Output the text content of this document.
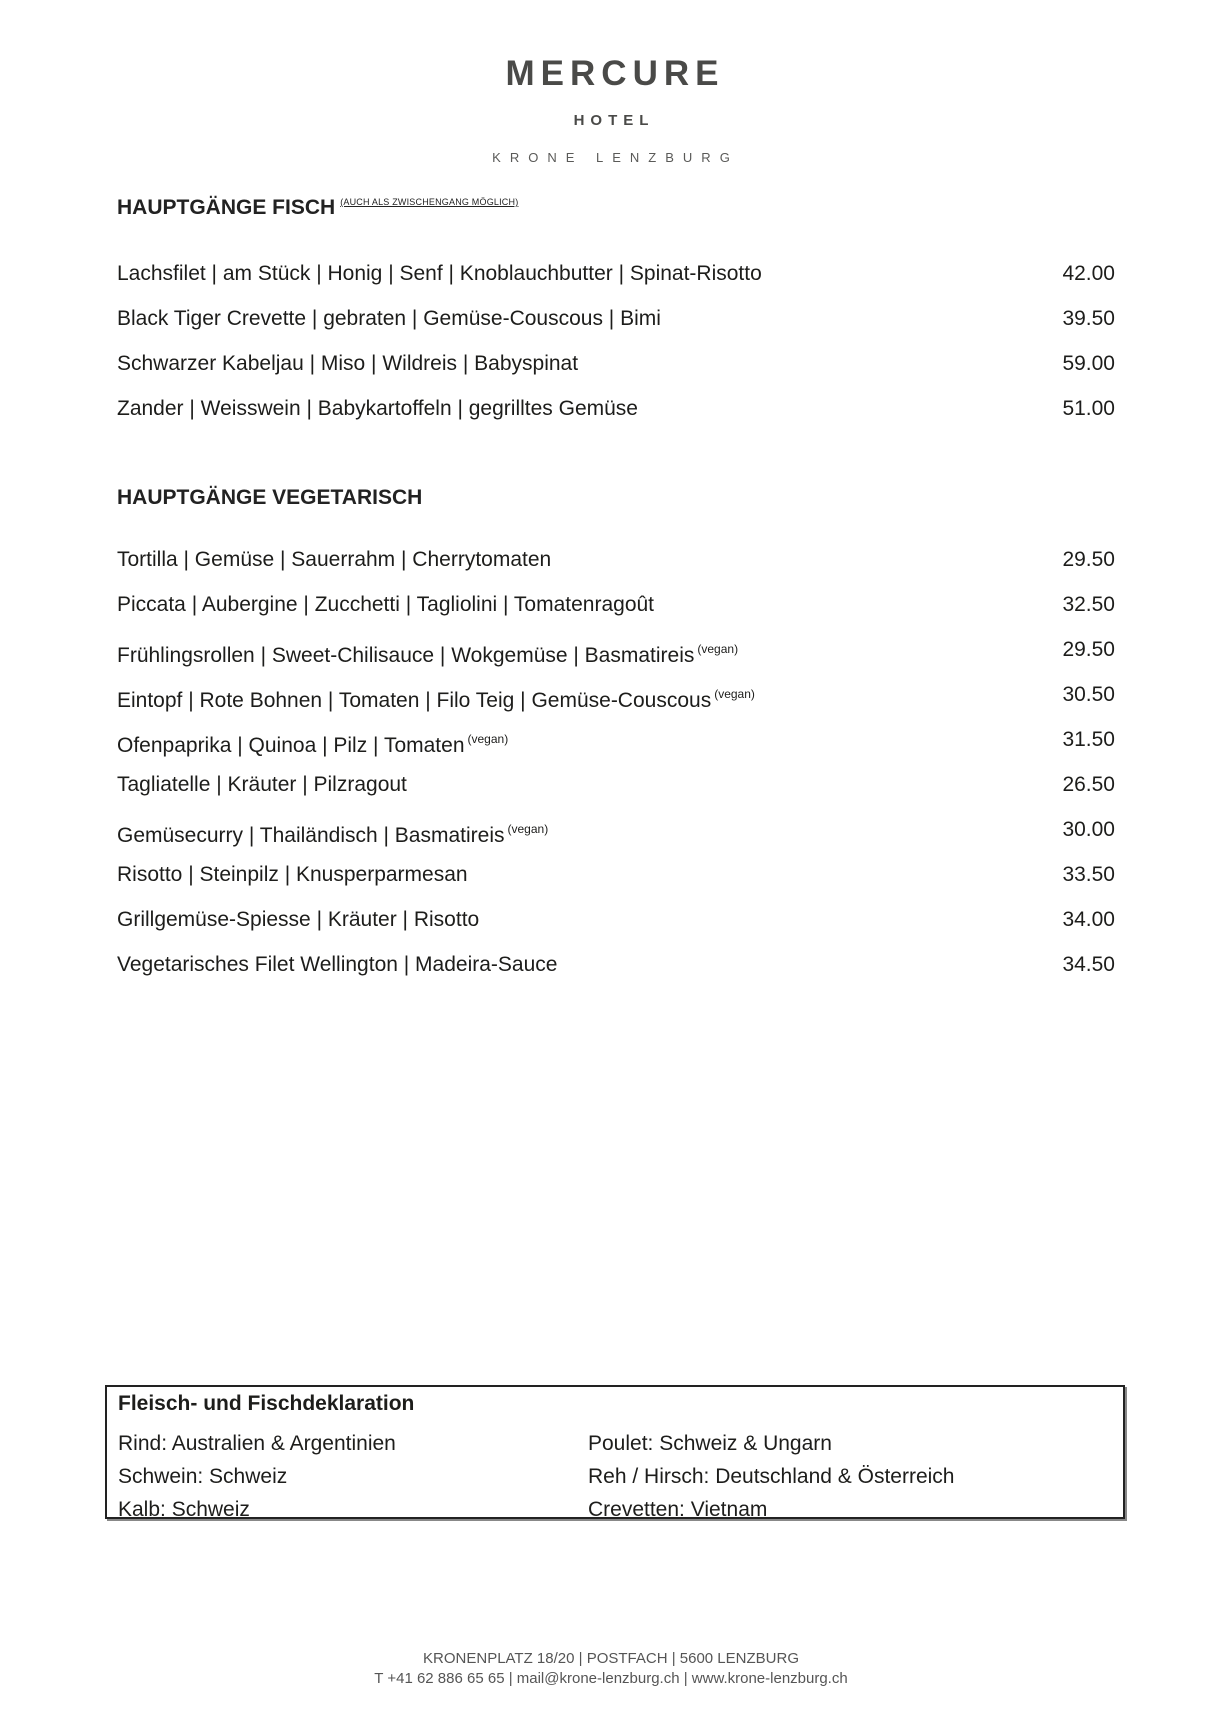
MERCURE
HOTEL
KRONE LENZBURG
HAUPTGÄNGE FISCH $^{(AUCH ALS ZWISCHENGANG MÖGLICH)}$
Lachsfilet | am Stück | Honig | Senf | Knoblauchbutter | Spinat-Risotto	42.00
Black Tiger Crevette | gebraten | Gemüse-Couscous | Bimi	39.50
Schwarzer Kabeljau | Miso | Wildreis | Babyspinat	59.00
Zander | Weisswein | Babykartoffeln | gegrilltes Gemüse	51.00
HAUPTGÄNGE VEGETARISCH
Tortilla | Gemüse | Sauerrahm | Cherrytomaten	29.50
Piccata | Aubergine | Zucchetti | Tagliolini | Tomatenragoût	32.50
Frühlingsrollen | Sweet-Chilisauce | Wokgemüse | Basmatireis $^{(vegan)}$	29.50
Eintopf | Rote Bohnen | Tomaten | Filo Teig | Gemüse-Couscous $^{(vegan)}$	30.50
Ofenpaprika | Quinoa | Pilz | Tomaten $^{(vegan)}$	31.50
Tagliatelle | Kräuter | Pilzragout	26.50
Gemüsecurry | Thailändisch | Basmatireis $^{(vegan)}$	30.00
Risotto | Steinpilz | Knusperparmesan	33.50
Grillgemüse-Spiesse | Kräuter | Risotto	34.00
Vegetarisches Filet Wellington | Madeira-Sauce	34.50
Fleisch- und Fischdeklaration
Rind: Australien & Argentinien
Schwein: Schweiz
Kalb: Schweiz
Poulet: Schweiz & Ungarn
Reh / Hirsch: Deutschland & Österreich
Crevetten: Vietnam
KRONENPLATZ 18/20 | POSTFACH | 5600 LENZBURG
T +41 62 886 65 65 | mail@krone-lenzburg.ch | www.krone-lenzburg.ch
